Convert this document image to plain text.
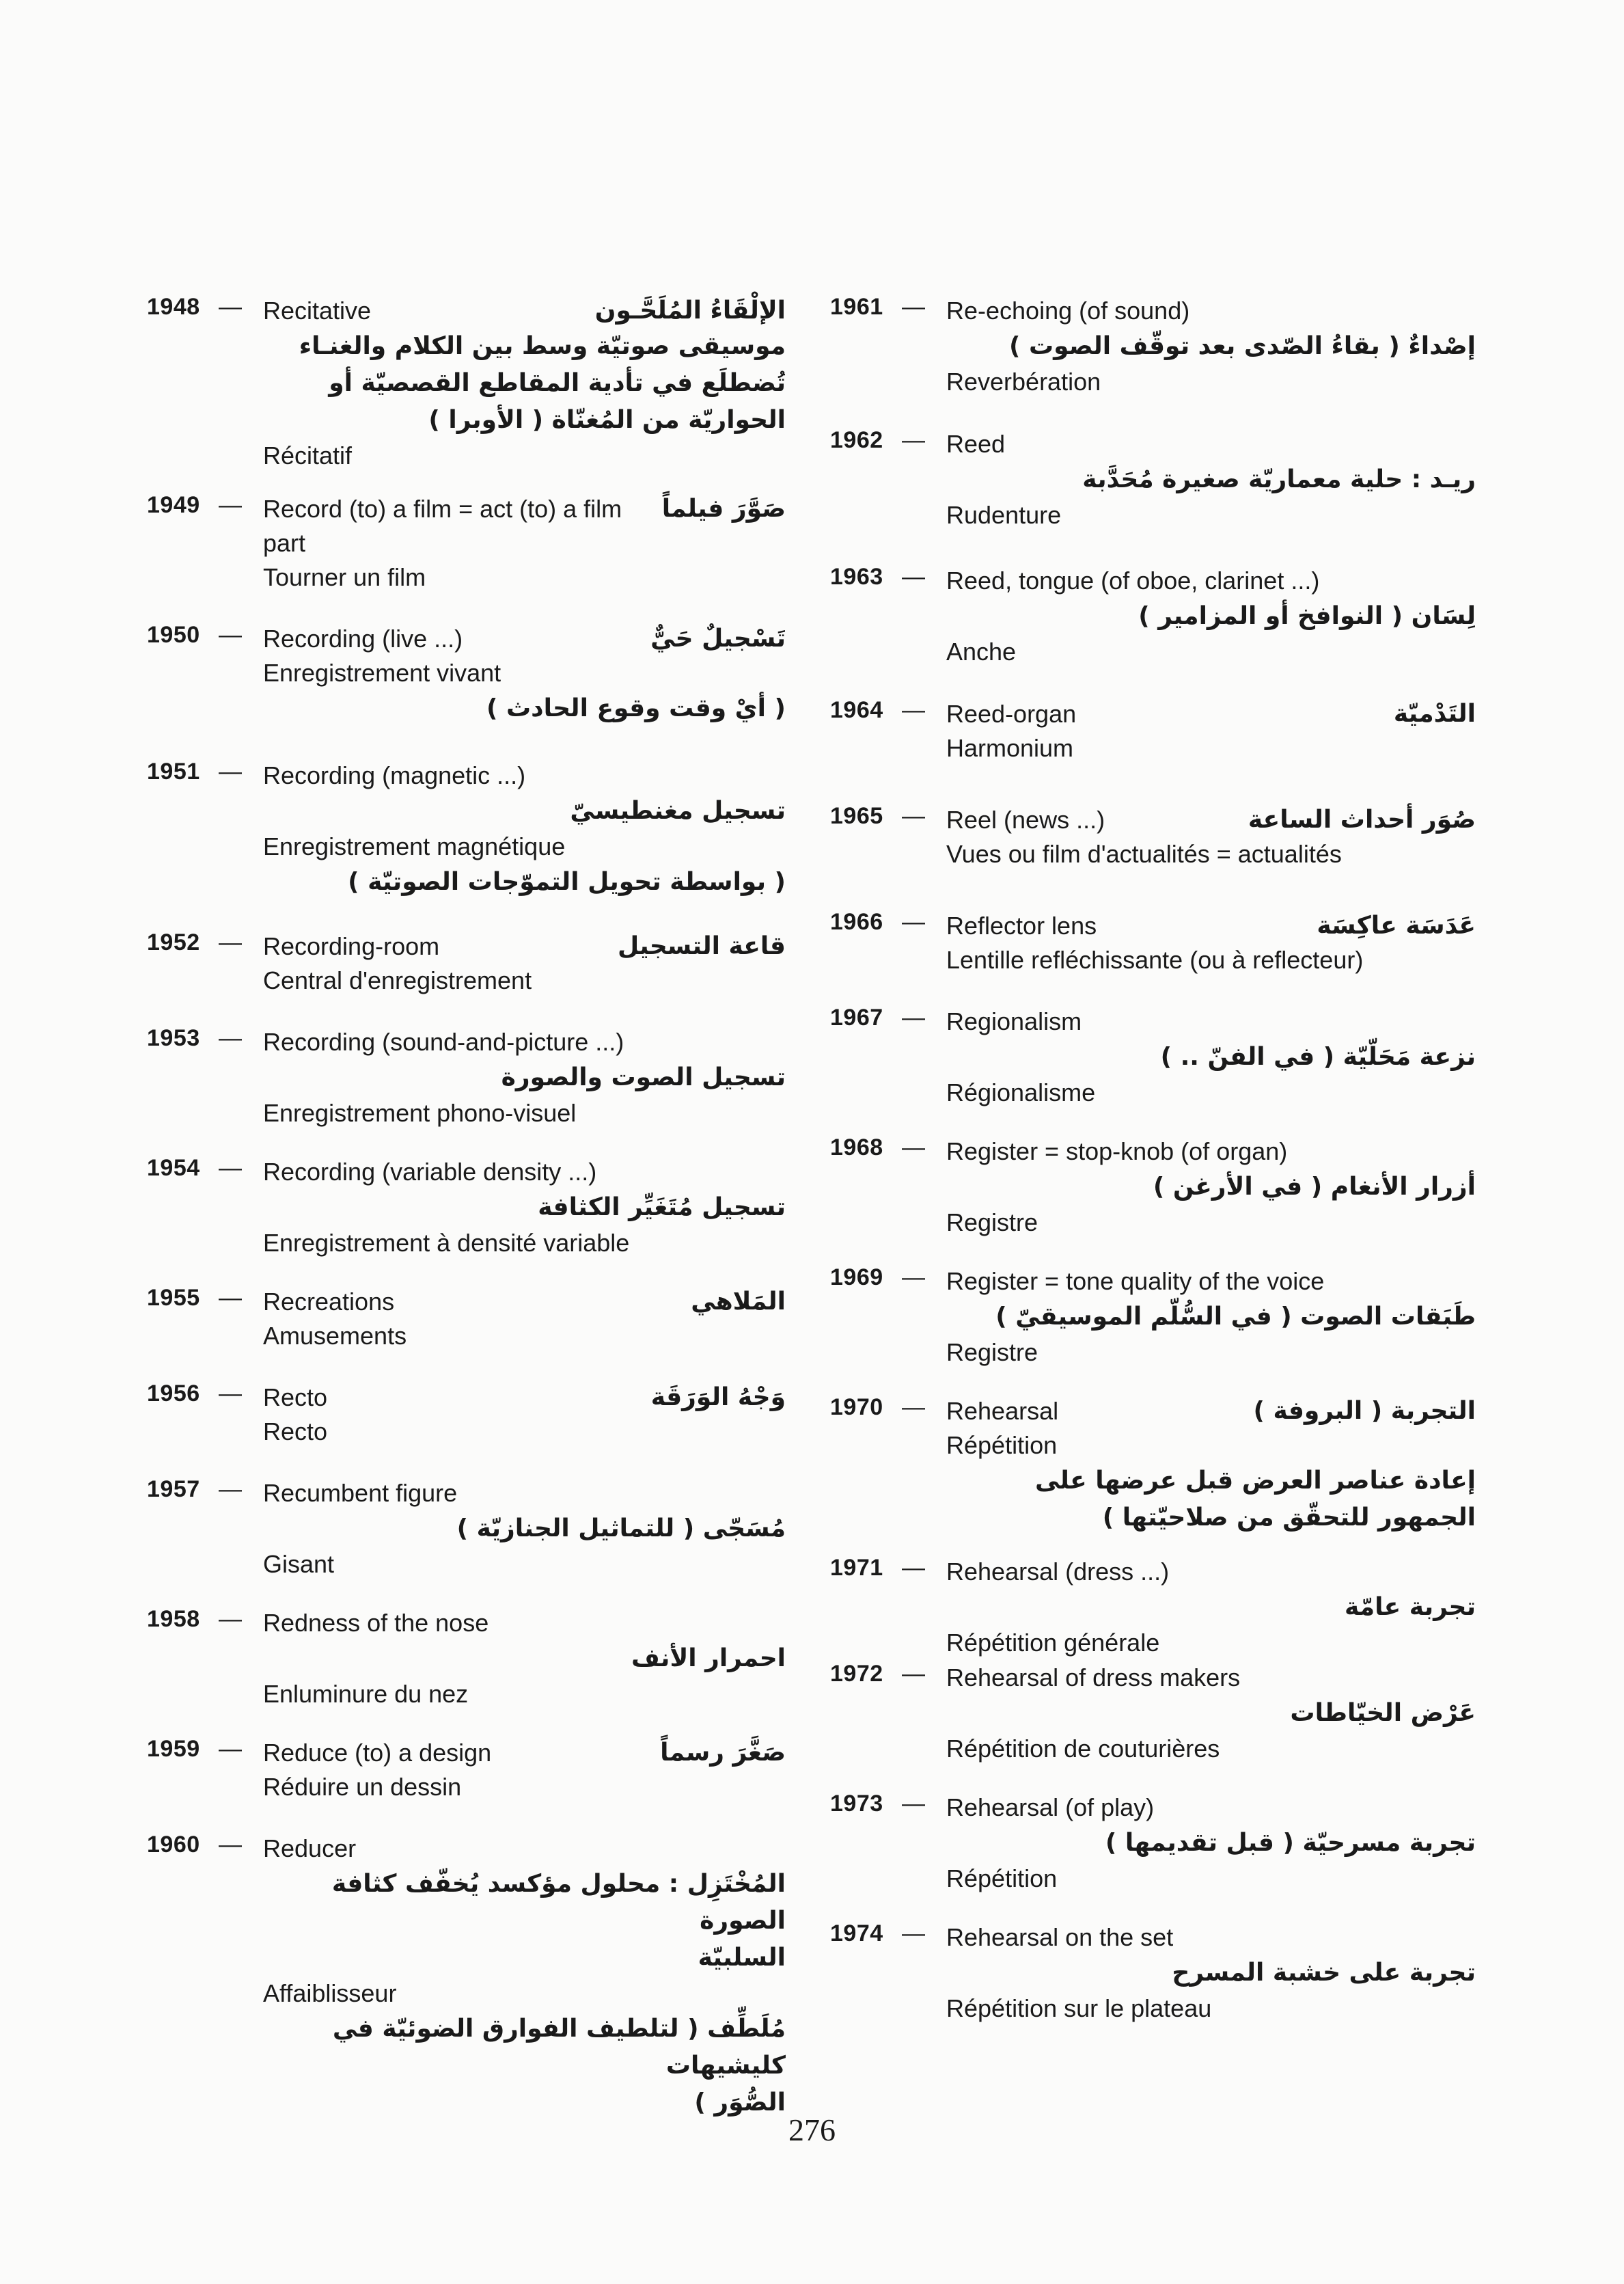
1948 — Recitative	الإلْقَاءُ المُلَحَّـون
موسيقى صوتيّة وسط بين الكلام والغنـاء
تُضطلَع في تأدية المقاطع القصصيّة أو
الحواريّة من المُغنّاة ( الأوبرا )
Récitatif
1949 — Record (to) a film = act (to) a film	صَوَّرَ فيلماً
part
Tourner un film
1950 — Recording (live ...)	تَسْجيلٌ حَيٌّ
Enregistrement vivant
( أيْ وقت وقوع الحادث )
1951 — Recording (magnetic ...)
تسجيل مغنطيسيّ
Enregistrement magnétique
( بواسطة تحويل التموّجات الصوتيّة )
1952 — Recording-room	قاعة التسجيل
Central d'enregistrement
1953 — Recording (sound-and-picture ...)
تسجيل الصوت والصورة
Enregistrement phono-visuel
1954 — Recording (variable density ...)
تسجيل مُتَغَيِّر الكثافة
Enregistrement à densité variable
1955 — Recreations	المَلاهي
Amusements
1956 — Recto	وَجْهُ الوَرَقَة
Recto
1957 — Recumbent figure
مُسَجّى ( للتماثيل الجنازيّة )
Gisant
1958 — Redness of the nose
احمرار الأنف
Enluminure du nez
1959 — Reduce (to) a design	صَغَّرَ رسماً
Réduire un dessin
1960 — Reducer
المُخْتَزِل : محلول مؤكسد يُخفّف كثافة الصورة
السلبيّة
Affaiblisseur
مُلَطِّف ( لتلطيف الفوارق الضوئيّة في كليشيهات
الصُّوَر )
1961 — Re-echoing (of sound)
إصْداءٌ ( بقاءُ الصّدى بعد توقّف الصوت )
Reverbération
1962 — Reed
ريـد : حلية معماريّة صغيرة مُحَدَّبة
Rudenture
1963 — Reed, tongue (of oboe, clarinet ...)
لِسَان ( النوافخ أو المزامير )
Anche
1964 — Reed-organ	التَدْميّة
Harmonium
1965 — Reel (news ...)	صُوَر أحداث الساعة
Vues ou film d'actualités = actualités
1966 — Reflector lens	عَدَسَة عاكِسَة
Lentille refléchissante (ou à reflecteur)
1967 — Regionalism
نزعة مَحَلّيّة ( في الفنّ .. )
Régionalisme
1968 — Register = stop-knob (of organ)
أزرار الأنغام ( في الأرغن )
Registre
1969 — Register = tone quality of the voice
طَبَقات الصوت ( في السُّلّم الموسيقيّ )
Registre
1970 — Rehearsal	التجربة ( البروفة )
Répétition
إعادة عناصر العرض قبل عرضها على
الجمهور للتحقّق من صلاحيّتها )
1971 — Rehearsal (dress ...)
تجربة عامّة
Répétition générale
1972 — Rehearsal of dress makers
عَرْض الخيّاطات
Répétition de couturières
1973 — Rehearsal (of play)
تجربة مسرحيّة ( قبل تقديمها )
Répétition
1974 — Rehearsal on the set
تجربة على خشبة المسرح
Répétition sur le plateau
276
